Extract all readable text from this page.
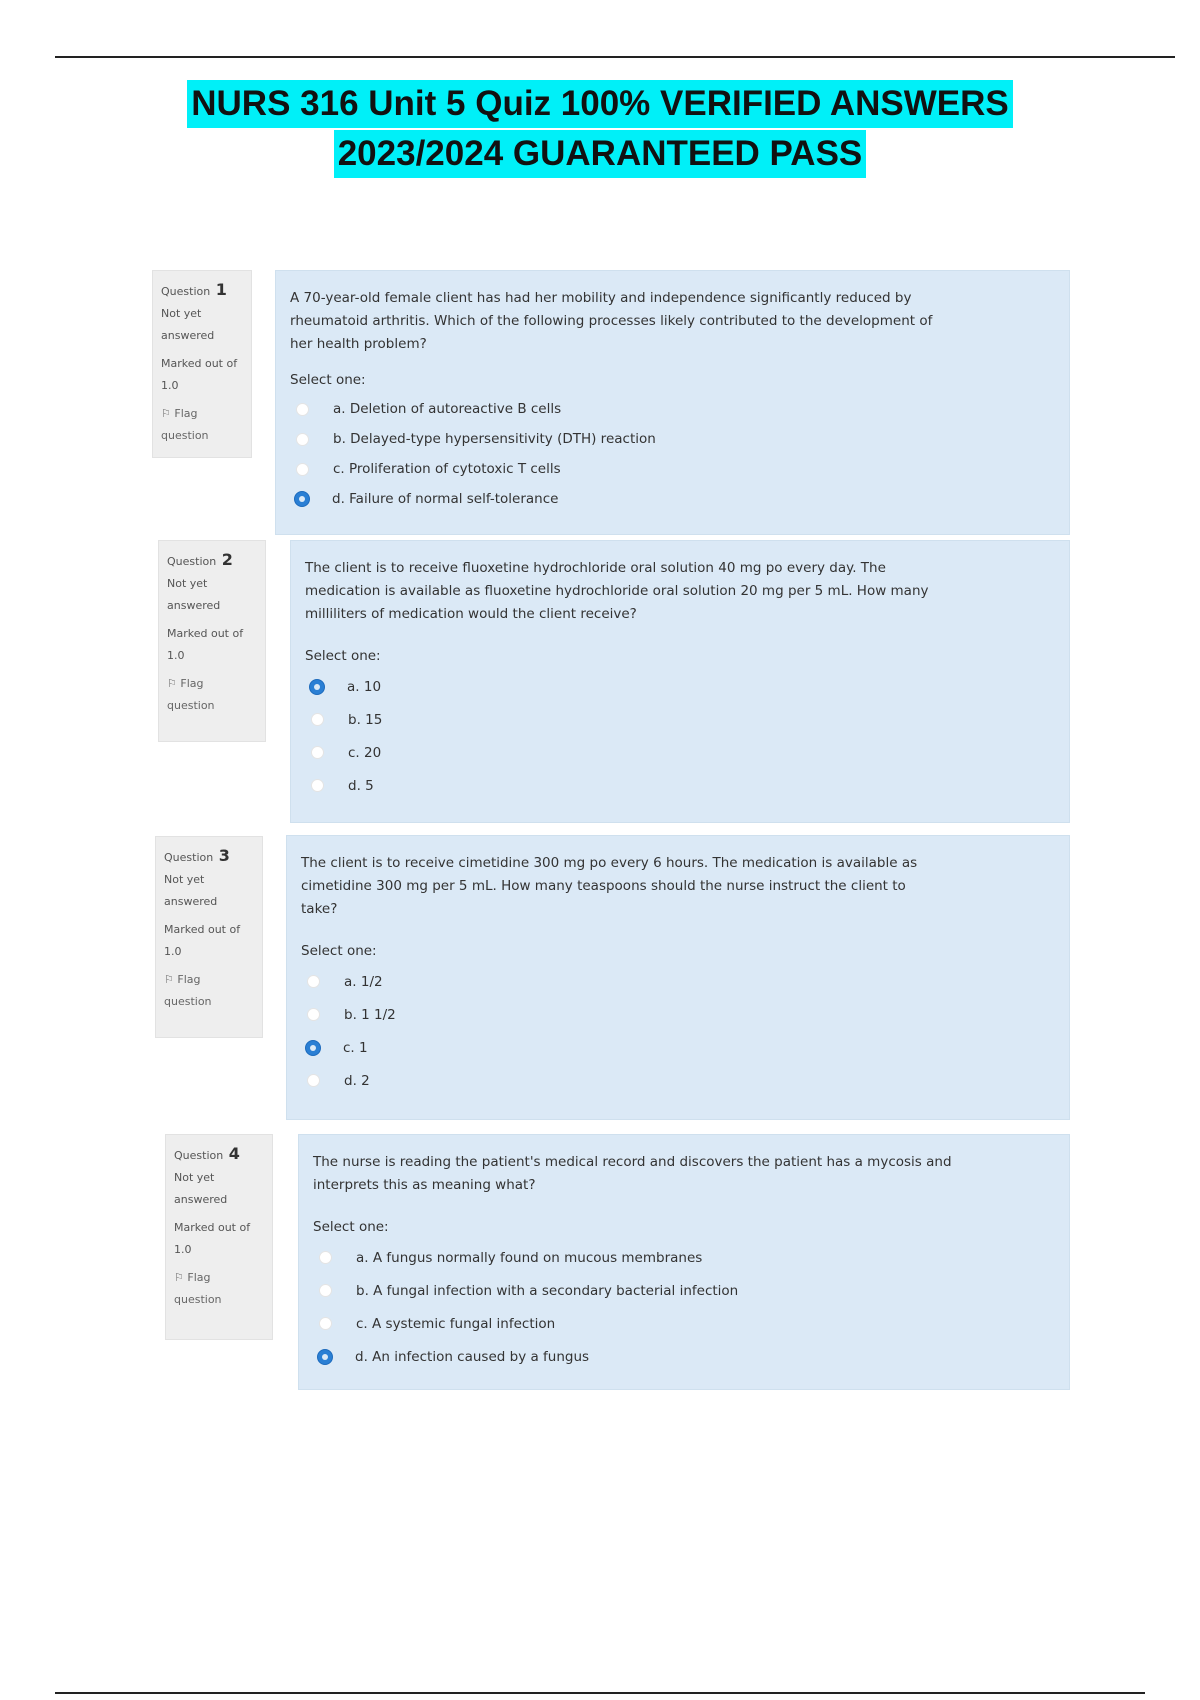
NURS 316 Unit 5 Quiz 100% VERIFIED ANSWERS
2023/2024 GUARANTEED PASS
Question 1
Not yet answered
Marked out of 1.0
⚐ Flag question
A 70-year-old female client has had her mobility and independence significantly reduced by rheumatoid arthritis. Which of the following processes likely contributed to the development of her health problem?
Select one:
a. Deletion of autoreactive B cells
b. Delayed-type hypersensitivity (DTH) reaction
c. Proliferation of cytotoxic T cells
d. Failure of normal self-tolerance
Question 2
Not yet answered
Marked out of 1.0
⚐ Flag question
The client is to receive fluoxetine hydrochloride oral solution 40 mg po every day. The medication is available as fluoxetine hydrochloride oral solution 20 mg per 5 mL. How many milliliters of medication would the client receive?
Select one:
a. 10
b. 15
c. 20
d. 5
Question 3
Not yet answered
Marked out of 1.0
⚐ Flag question
The client is to receive cimetidine 300 mg po every 6 hours. The medication is available as cimetidine 300 mg per 5 mL. How many teaspoons should the nurse instruct the client to take?
Select one:
a. 1/2
b. 1 1/2
c. 1
d. 2
Question 4
Not yet answered
Marked out of 1.0
⚐ Flag question
The nurse is reading the patient's medical record and discovers the patient has a mycosis and interprets this as meaning what?
Select one:
a. A fungus normally found on mucous membranes
b. A fungal infection with a secondary bacterial infection
c. A systemic fungal infection
d. An infection caused by a fungus
